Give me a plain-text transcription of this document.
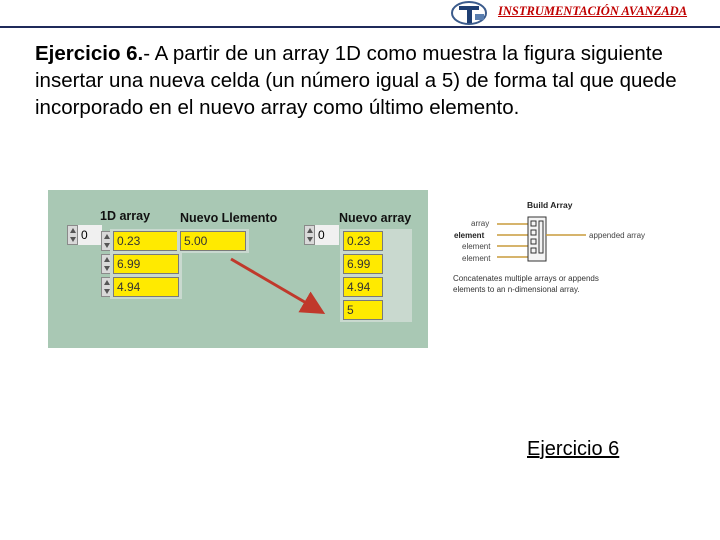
INSTRUMENTACIÓN AVANZADA

Ejercicio 6.- A partir de un array 1D como muestra la figura siguiente insertar una nueva celda (un número igual a 5) de forma tal que quede incorporado en el nuevo array como último elemento.

1D array Nuevo Llemento	Nuevo array
0	0.23
6.99
4.94
5.00	0	0.23
6.99
4.94
5
Build Array
array
element
element
element
appended array
Concatenates multiple arrays or appends elements to an n-dimensional array.
Ejercicio 6
